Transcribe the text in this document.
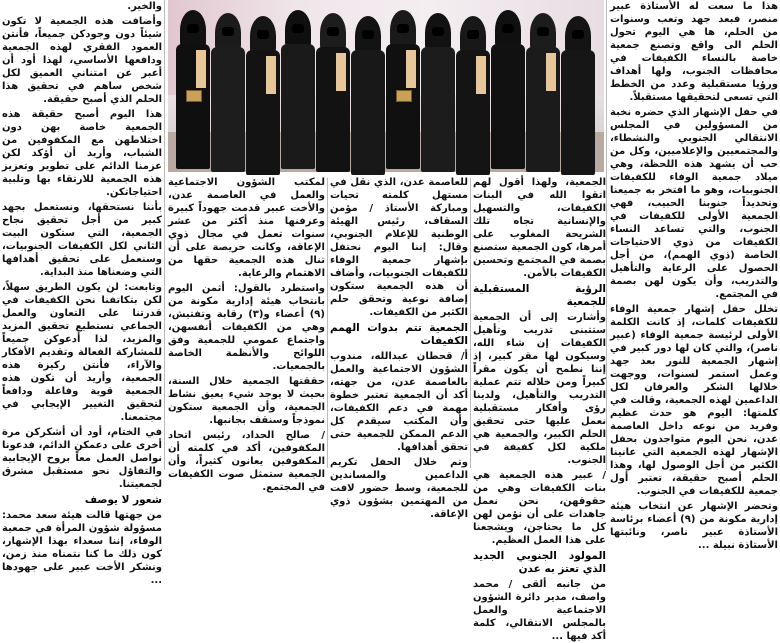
هذا ما سعت له الأستاذة عبير منصر، فبعد جهد وتعب وسنوات من الحلم، ها هي اليوم تحول الحلم الى واقع وتصنع جمعية خاصة بالنساء الكفيفات في محافظات الجنوب، ولها أهداف ورؤيا مستقبلية وعدد من الخطط التي تسعى لتحقيقها مستقبلاً.

في حفل الإشهار الذي حضره نخبة من المسؤولين في المجلس الانتقالي الجنوبي والنشطاء، والمجتمعيين والإعلاميين، وكل من حب أن يشهد هذه اللحظة، وهي ميلاد جمعية الوفاء للكفيفات الجنوبيات، وهو ما افتخر به جميعنا وتحديداً جنوبنا الحبيب، فهي الجمعية الأولى للكفيفات في الجنوب، والتي تساعد النساء الكفيفات من ذوي الاحتياجات الخاصة (ذوي الهمم)، من أجل الحصول على الرعاية والتأهيل والتدريب، وأن يكون لهن بصمة في المجتمع.

تخلل حفل إشهار جمعية الوفاء للكفيفات كلمات، إذ كانت الكلمة الأولى لرئيسة جمعية الوفاء (عبير ناصر)، والتي كان لها دور كبير في إشهار الجمعية للنور بعد جهد وعمل استمر لسنوات، ووجهت خلالها الشكر والعرفان لكل الداعمين لهذه الجمعية، وقالت في كلمتها: اليوم هو حدث عظيم وفريد من نوعه داخل العاصمة عدن، نحن اليوم متواجدون بحفل الإشهار لهذه الجمعية التي عانينا الكثير من أجل الوصول لها، وهذا الحلم أصبح حقيقة، تعتبر أول جمعية للكفيفات في الجنوب.

وتحضر الإشهار عن انتخاب هيئة إدارية مكونة من (٩) أعضاء برئاسة الأستاذة عبير ناصر، ونائبتها الأستاذة نبيلة ...

الجمعية، ولهذا أقول لهم اتقوا الله في البنات الكفيفات، والتسهيل والإنسانية تجاه تلك الشريحة المغلوب على أمرها، كون الجمعية ستصنع بصمة في المجتمع وتحسين الكفيفات بالأمن.

الرؤية المستقبلية للجمعية

وأشارت إلى أن الجمعية ستتبنى تدريب وتأهيل الكفيفات إن شاء الله، وسيكون لها مقر كبير، إذ إننا نطمح أن يكون مقراً كبيراً ومن خلاله تتم عملية التدريب والتأهيل، ولدينا رؤى وأفكار مستقبلية نعمل عليها حتى تحقيق الحلم الكبير، والجمعية هي ملكية لكل كفيفة في الجنوب.

/ عبير هذه الجمعية هي بنات الكفيفات وهي من حقوقهن، نحن نعمل جاهدات على أن نؤمن لهن كل ما يحتاجن، ويشجعنا على هذا العمل العظيم.

المولود الجنوبي الجديد الذي تعتز به عدن

من جانبه ألقى / محمد واصف، مدير دائرة الشؤون الاجتماعية والعمل بالمجلس الانتقالي، كلمة أكد فيها ...

للعاصمة عدن، الذي نقل في مستهل كلمته تحيات ومباركة الأستاذ / مؤمن السقاف، رئيس الهيئة الوطنية للإعلام الجنوبي، وقال: إننا اليوم نحتفل بإشهار جمعية الوفاء للكفيفات الجنوبيات، وأضاف أن هذه الجمعية ستكون إضافة نوعية وتحقق حلم الكثير من الكفيفات.

الجمعية تتم بدوات الهمم الكفيفات

أ/ قحطان عبدالله، مندوب الشؤون الاجتماعية والعمل بالعاصمة عدن، من جهته، أكد أن الجمعية تعتبر خطوة مهمة في دعم الكفيفات، وأن المكتب سيقدم كل الدعم الممكن للجمعية حتى تحقق أهدافها.

وتم خلال الحفل تكريم الداعمين والمساندين للجمعية، وسط حضور لافت من المهتمين بشؤون ذوي الإعاقة.

لمكتب الشؤون الاجتماعية والعمل في العاصمة عدن، والأخت عبير قدمت جهوداً كبيرة وعرفنها منذ أكثر من عشر سنوات تعمل في مجال ذوي الإعاقة، وكانت حريصة على أن تنال هذه الجمعية حقها من الاهتمام والرعاية.

واستطرد بالقول: أثمن اليوم بانتخاب هيئة إدارية مكونة من (٩) أعضاء و(٣) رقابة وتفتيش، وهي من الكفيفات أنفسهن، واجتماع عمومي للجمعية وفق اللوائح والأنظمة الخاصة بالجمعيات.

حققتها الجمعية خلال السنة، بحيث لا يوجد شيء يعيق نشاط الجمعية، وأن الجمعية ستكون نموذجاً وسنقف بجانبها.

/ صالح الحداد، رئيس اتحاد المكفوفين، أكد في كلمته أن المكفوفين يعانون كثيراً، وأن الجمعية ستمثل صوت الكفيفات في المجتمع.

والخير.

وأضافت هذه الجمعية لا تكون شيئاً دون وجودكن جميعاً، فأنتن العمود الفقري لهذه الجمعية ودافعها الأساسي، لهذا أود أن أعبر عن امتناني العميق لكل شخص ساهم في تحقيق هذا الحلم الذي أصبح حقيقة.

هذا اليوم أصبح حقيقة هذه الجمعية خاصة بهن دون اختلاطهن مع المكفوفين من الشباب، وأريد أن أؤكد لكن عزمنا الدائم على تطوير وتعزيز هذه الجمعية للارتقاء بها وتلبية احتياجاتكن.

بأننا نستحقها، ونستعمل بجهد كبير من أجل تحقيق نجاح الجمعية، التي ستكون البيت الثاني لكل الكفيفات الجنوبيات، وسنعمل على تحقيق أهدافها التي وضعناها منذ البداية.

وتابعت: لن يكون الطريق سهلاً، لكن بتكاتفنا نحن الكفيفات في قدرتنا على التعاون والعمل الجماعي نستطيع تحقيق المزيد والمزيد، لذا أدعوكن جميعاً للمشاركة الفعالة وتقديم الأفكار والآراء، فأنتن ركيزة هذه الجمعية، وأريد أن تكون هذه الجمعية قوية وفاعلة ودافعاً لتحقيق التغيير الإيجابي في مجتمعنا.

في الختام، أود أن أشكركن مرة أخرى على دعمكن الدائم، فدعونا نواصل العمل معاً بروح الإيجابية والتفاؤل نحو مستقبل مشرق لجمعيتنا.

شعور لا يوصف

من جهتها قالت هيئة سعد محمد: مسؤولة شؤون المرأة في جمعية الوفاء، إننا سعداء بهذا الإشهار، كون ذلك ما كنا نتمناه منذ زمن، ونشكر الأخت عبير على جهودها ...
